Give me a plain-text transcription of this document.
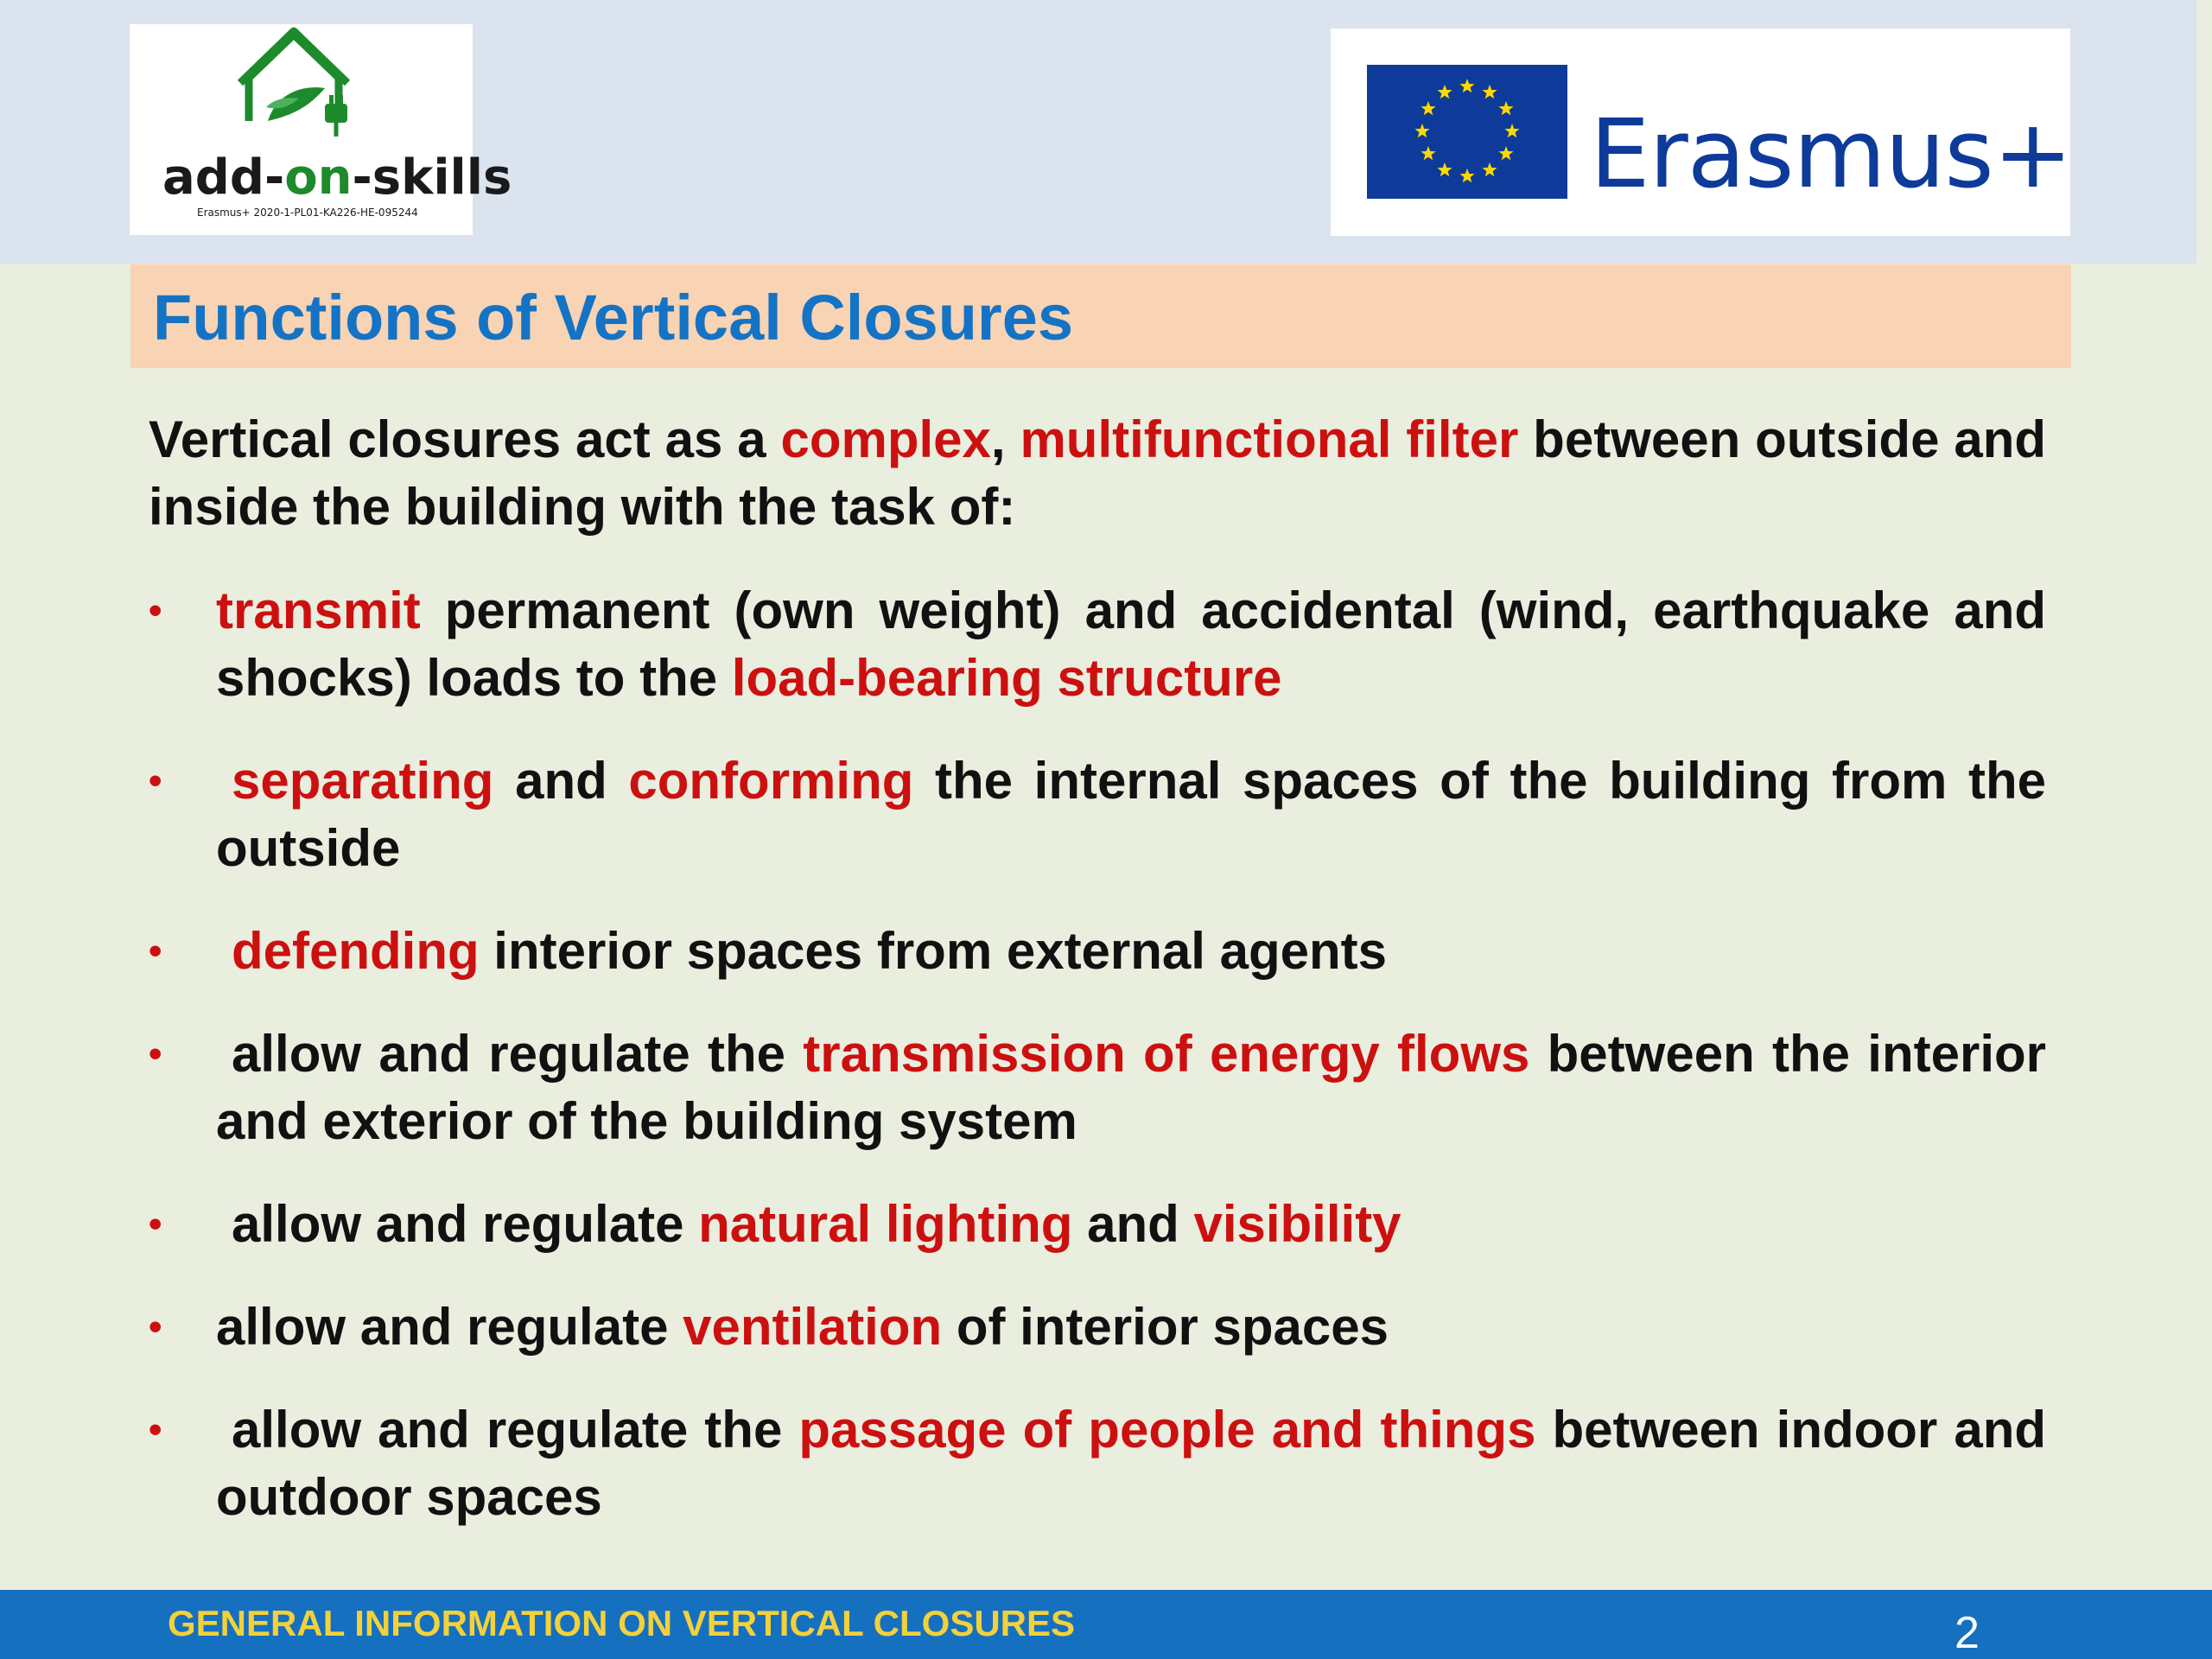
add-on-skills
Erasmus+ 2020-1-PL01-KA226-HE-095244
Erasmus+
Functions of Vertical Closures

Vertical closures act as a complex, multifunctional filter between outside and inside the building with the task of:

• transmit permanent (own weight) and accidental (wind, earthquake and shocks) loads to the load-bearing structure
• separating and conforming the internal spaces of the building from the outside
• defending interior spaces from external agents
• allow and regulate the transmission of energy flows between the interior and exterior of the building system
• allow and regulate natural lighting and visibility
• allow and regulate ventilation of interior spaces
• allow and regulate the passage of people and things between indoor and outdoor spaces
GENERAL INFORMATION ON VERTICAL CLOSURES	2
